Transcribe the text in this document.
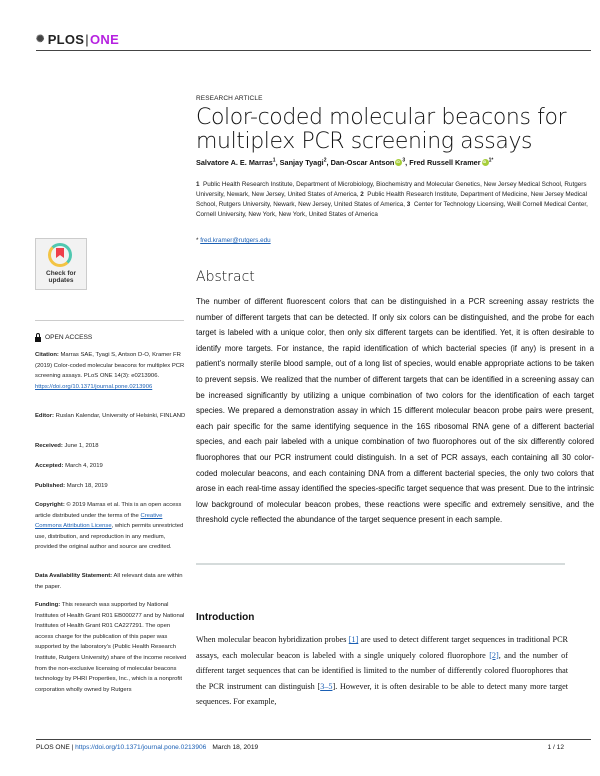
✺ PLOS | ONE
RESEARCH ARTICLE
Color-coded molecular beacons for multiplex PCR screening assays
Salvatore A. E. Marras$^1$, Sanjay Tyagi$^2$, Dan-Oscar Antson iD $^3$, Fred Russell Kramer iD $^{1*}$
1 Public Health Research Institute, Department of Microbiology, Biochemistry and Molecular Genetics, New Jersey Medical School, Rutgers University, Newark, New Jersey, United States of America, 2 Public Health Research Institute, Department of Medicine, New Jersey Medical School, Rutgers University, Newark, New Jersey, United States of America, 3 Center for Technology Licensing, Weill Cornell Medical Center, Cornell University, New York, New York, United States of America
* fred.kramer@rutgers.edu
Abstract
The number of different fluorescent colors that can be distinguished in a PCR screening assay restricts the number of different targets that can be detected. If only six colors can be distinguished, and the probe for each target is labeled with a unique color, then only six different targets can be identified. Yet, it is often desirable to identify more targets. For instance, the rapid identification of which bacterial species (if any) is present in a patient’s normally sterile blood sample, out of a long list of species, would enable appropriate actions to be taken to prevent sepsis. We realized that the number of different targets that can be identified in a screening assay can be increased significantly by utilizing a unique combination of two colors for the identification of each target species. We prepared a demonstration assay in which 15 different molecular beacon probe pairs were present, each pair specific for the same identifying sequence in the 16S ribosomal RNA gene of a different bacterial species, and each pair labeled with a unique combination of two fluorophores out of the six differently colored fluorophores that our PCR instrument could distinguish. In a set of PCR assays, each containing all 30 color-coded molecular beacons, and each containing DNA from a different bacterial species, the only two colors that arose in each real-time assay identified the species-specific target sequence that was present. Due to the intrinsic low background of molecular beacon probes, these reactions were specific and extremely sensitive, and the threshold cycle reflected the abundance of the target sequence present in each sample.
Introduction
When molecular beacon hybridization probes [1] are used to detect different target sequences in traditional PCR assays, each molecular beacon is labeled with a single uniquely colored fluorophore [2], and the number of different target sequences that can be identified is limited to the number of differently colored fluorophores that the PCR instrument can distinguish [3–5]. However, it is often desirable to be able to detect many more target sequences. For example,
Check for updates
OPEN ACCESS
Citation: Marras SAE, Tyagi S, Antson D-O, Kramer FR (2019) Color-coded molecular beacons for multiplex PCR screening assays. PLoS ONE 14(3): e0213906. https://doi.org/10.1371/journal.pone.0213906
Editor: Ruslan Kalendar, University of Helsinki, FINLAND
Received: June 1, 2018
Accepted: March 4, 2019
Published: March 18, 2019
Copyright: © 2019 Marras et al. This is an open access article distributed under the terms of the Creative Commons Attribution License, which permits unrestricted use, distribution, and reproduction in any medium, provided the original author and source are credited.
Data Availability Statement: All relevant data are within the paper.
Funding: This research was supported by National Institutes of Health Grant R01 EB000277 and by National Institutes of Health Grant R01 CA227291. The open access charge for the publication of this paper was supported by the laboratory’s (Public Health Research Institute, Rutgers University) share of the income received from the non-exclusive licensing of molecular beacons technology by PHRI Properties, Inc., which is a nonprofit corporation wholly owned by Rutgers
PLOS ONE | https://doi.org/10.1371/journal.pone.0213906 March 18, 2019	1 / 12
